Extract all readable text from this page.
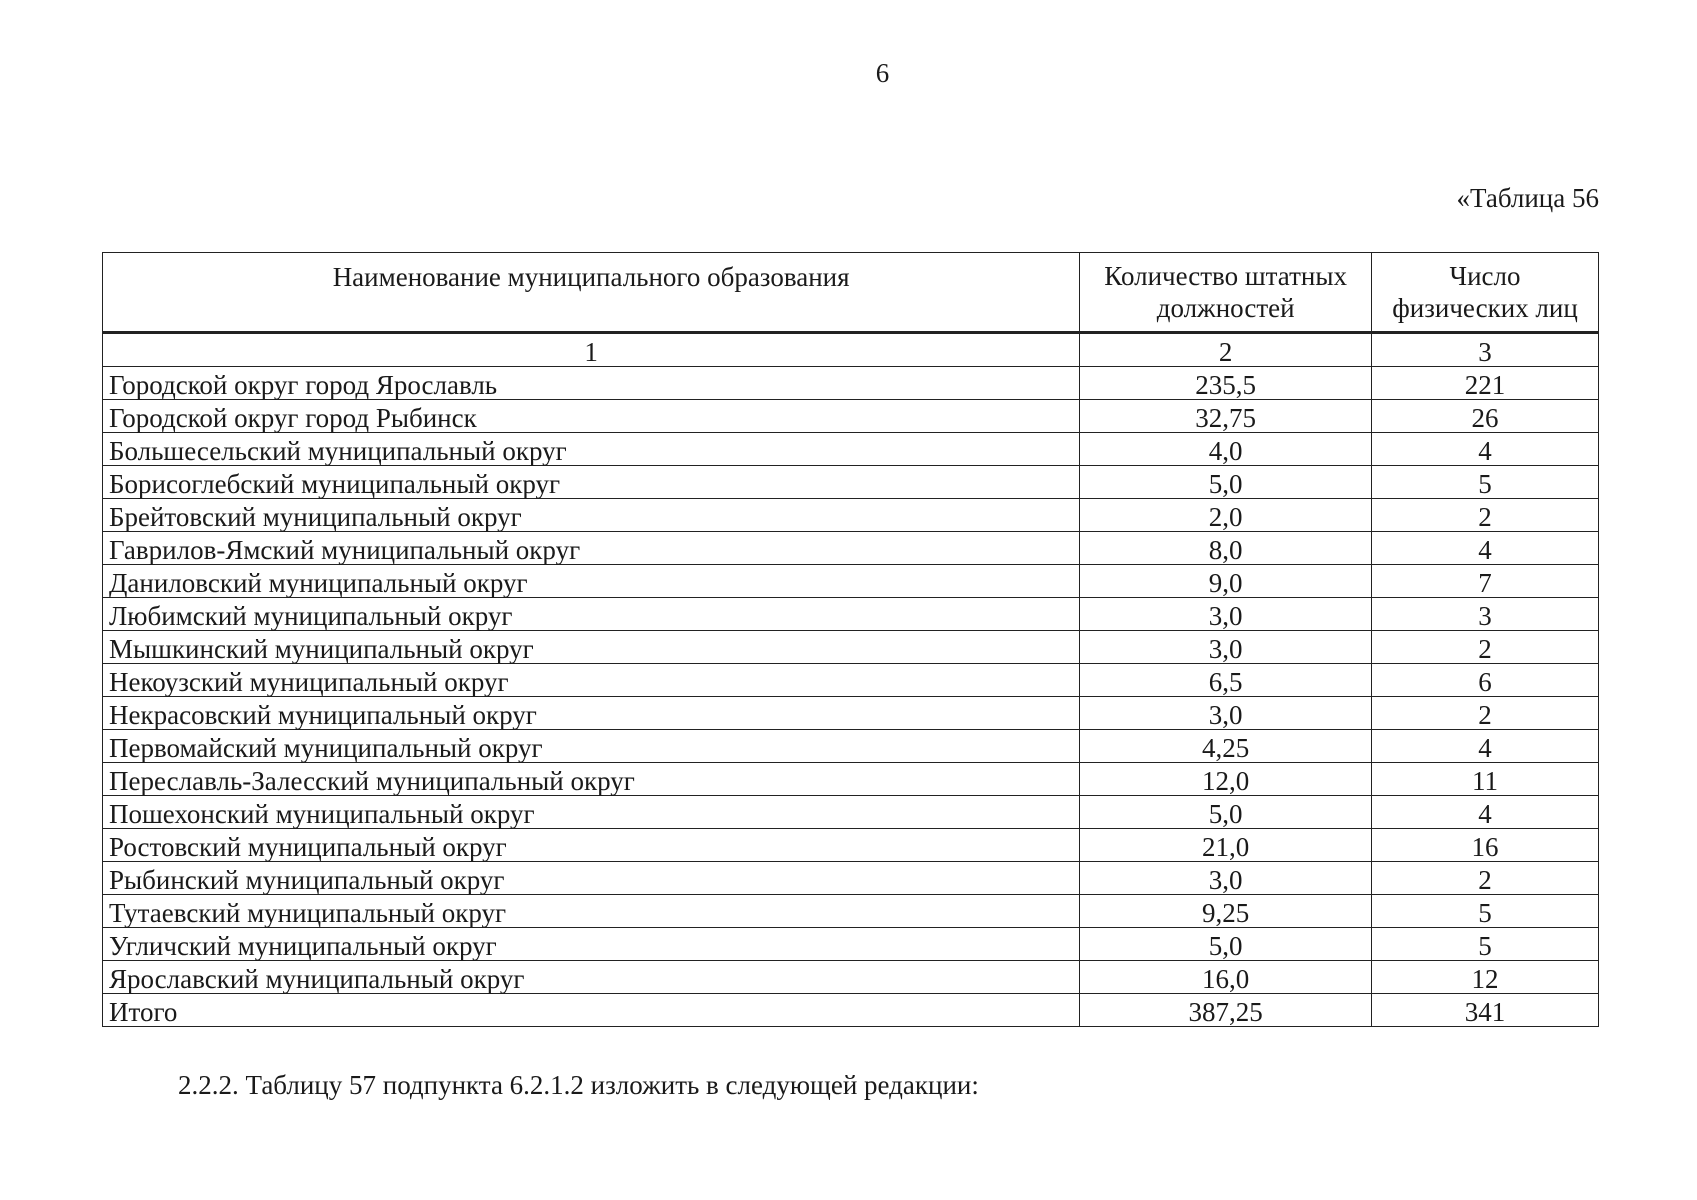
6
«Таблица 56
Наименование муниципального образования	Количество штатных должностей	Число физических лиц
1	2	3
Городской округ город Ярославль	235,5	221
Городской округ город Рыбинск	32,75	26
Большесельский муниципальный округ	4,0	4
Борисоглебский муниципальный округ	5,0	5
Брейтовский муниципальный округ	2,0	2
Гаврилов-Ямский муниципальный округ	8,0	4
Даниловский муниципальный округ	9,0	7
Любимский муниципальный округ	3,0	3
Мышкинский муниципальный округ	3,0	2
Некоузский муниципальный округ	6,5	6
Некрасовский муниципальный округ	3,0	2
Первомайский муниципальный округ	4,25	4
Переславль-Залесский муниципальный округ	12,0	11
Пошехонский муниципальный округ	5,0	4
Ростовский муниципальный округ	21,0	16
Рыбинский муниципальный округ	3,0	2
Тутаевский муниципальный округ	9,25	5
Угличский муниципальный округ	5,0	5
Ярославский муниципальный округ	16,0	12
Итого	387,25	341
2.2.2. Таблицу 57 подпункта 6.2.1.2 изложить в следующей редакции:
